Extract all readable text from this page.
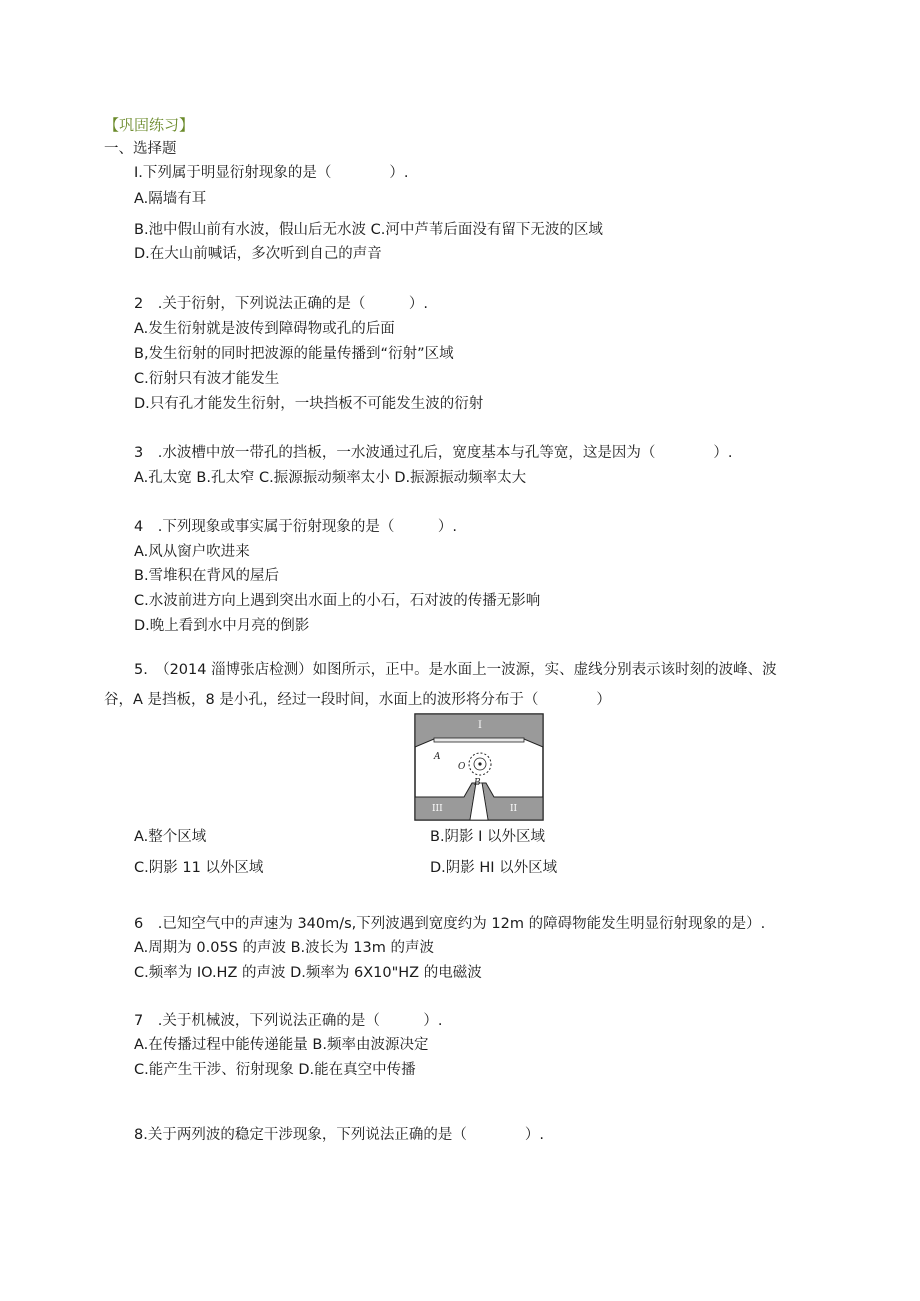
【巩固练习】
一、选择题
I.下列属于明显衍射现象的是（　　　　）.
A.隔墙有耳
B.池中假山前有水波，假山后无水波 C.河中芦苇后面没有留下无波的区域
D.在大山前喊话，多次听到自己的声音
2　.关于衍射，下列说法正确的是（　　　）.
A.发生衍射就是波传到障碍物或孔的后面
B,发生衍射的同时把波源的能量传播到“衍射”区域
C.衍射只有波才能发生
D.只有孔才能发生衍射，一块挡板不可能发生波的衍射
3　.水波槽中放一带孔的挡板，一水波通过孔后，宽度基本与孔等宽，这是因为（　　　　）.
A.孔太宽 B.孔太窄 C.振源振动频率太小 D.振源振动频率太大
4　.下列现象或事实属于衍射现象的是（　　　）.
A.风从窗户吹进来
B.雪堆积在背风的屋后
C.水波前进方向上遇到突出水面上的小石，石对波的传播无影响
D.晚上看到水中月亮的倒影
5.　（2014 淄博张店检测）如图所示，正中。是水面上一波源，实、虚线分别表示该时刻的波峰、波
谷，A 是挡板，8 是小孔，经过一段时间，水面上的波形将分布于（　　　　）
I
II
III
A
O
B
A.整个区域	B.阴影 I 以外区域
C.阴影 11 以外区域	D.阴影 HI 以外区域
6　.已知空气中的声速为 340m∕s,下列波遇到宽度约为 12m 的障碍物能发生明显衍射现象的是）.
A.周期为 0.05S 的声波 B.波长为 13m 的声波
C.频率为 IO.HZ 的声波 D.频率为 6X10"HZ 的电磁波
7　.关于机械波，下列说法正确的是（　　　）.
A.在传播过程中能传递能量 B.频率由波源决定
C.能产生干涉、衍射现象 D.能在真空中传播
8.关于两列波的稳定干涉现象，下列说法正确的是（　　　　）.
